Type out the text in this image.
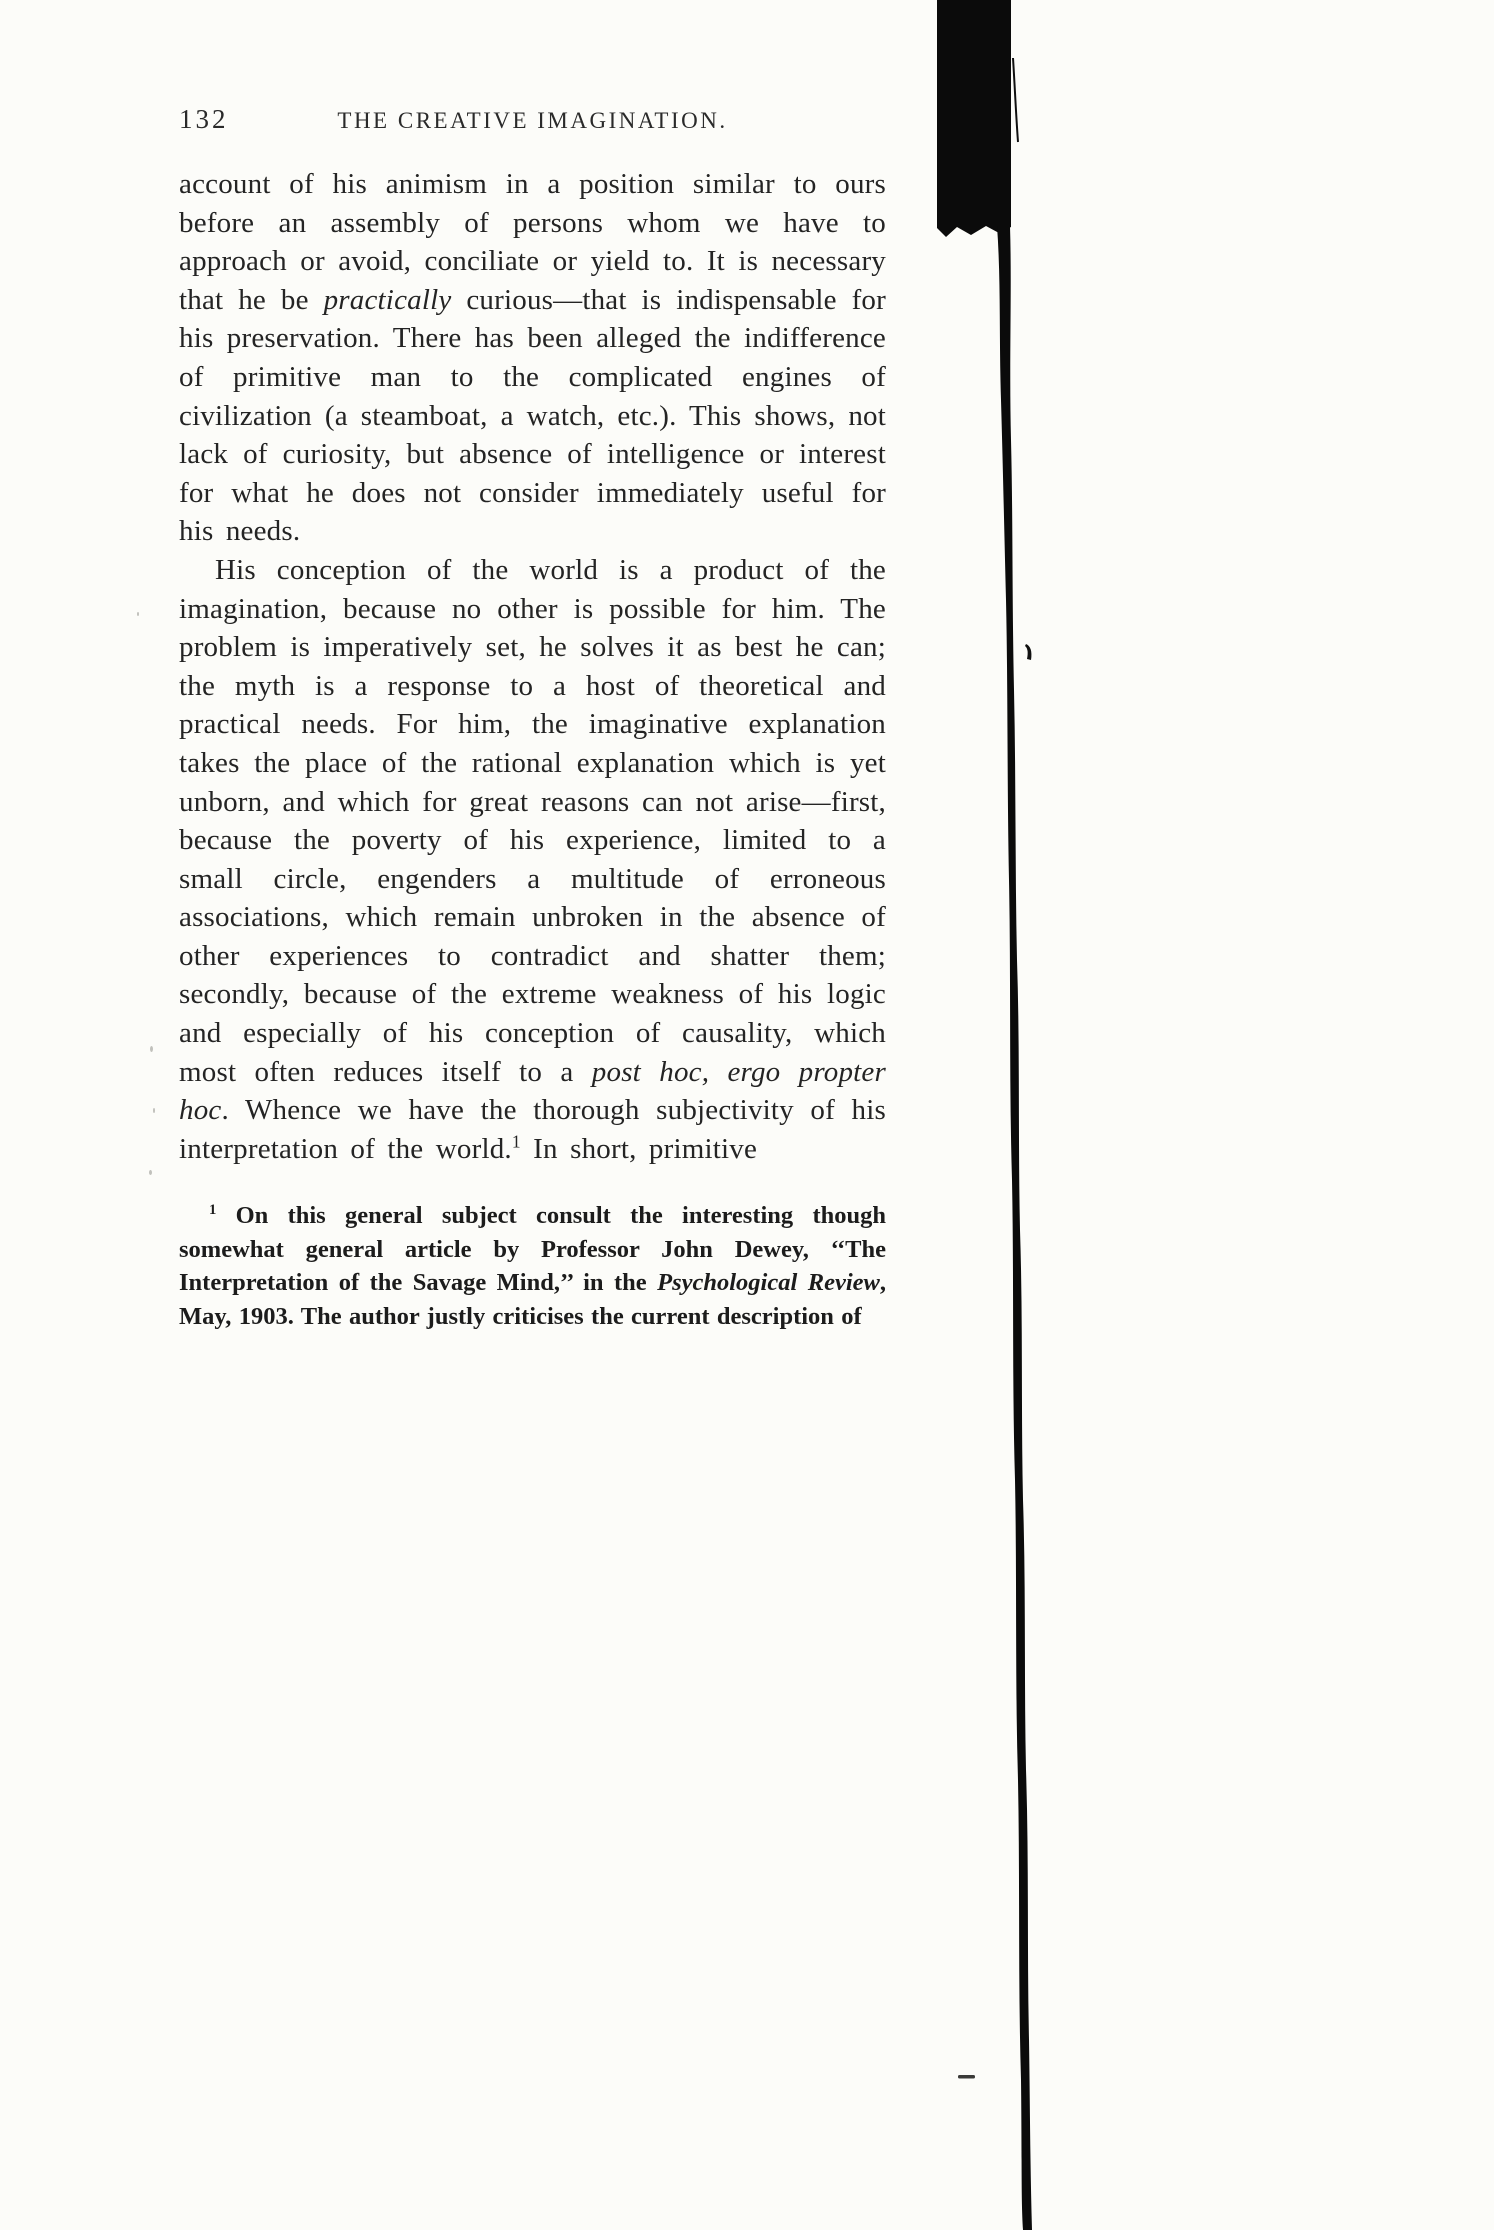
132	THE CREATIVE IMAGINATION.

account of his animism in a position similar to ours before an assembly of persons whom we have to approach or avoid, conciliate or yield to. It is necessary that he be practically curious—that is indispensable for his preservation. There has been alleged the indifference of primitive man to the complicated engines of civilization (a steamboat, a watch, etc.). This shows, not lack of curiosity, but absence of intelligence or interest for what he does not consider immediately useful for his needs.

His conception of the world is a product of the imagination, because no other is possible for him. The problem is imperatively set, he solves it as best he can; the myth is a response to a host of theoretical and practical needs. For him, the imaginative explanation takes the place of the rational explanation which is yet unborn, and which for great reasons can not arise—first, because the poverty of his experience, limited to a small circle, engenders a multitude of erroneous associations, which remain unbroken in the absence of other experiences to contradict and shatter them; secondly, because of the extreme weakness of his logic and especially of his conception of causality, which most often reduces itself to a post hoc, ergo propter hoc. Whence we have the thorough subjectivity of his interpretation of the world.$^1$ In short, primitive

$^1$ On this general subject consult the interesting though somewhat general article by Professor John Dewey, ‘‘The Interpretation of the Savage Mind,’’ in the Psychological Review, May, 1903. The author justly criticises the current description of
